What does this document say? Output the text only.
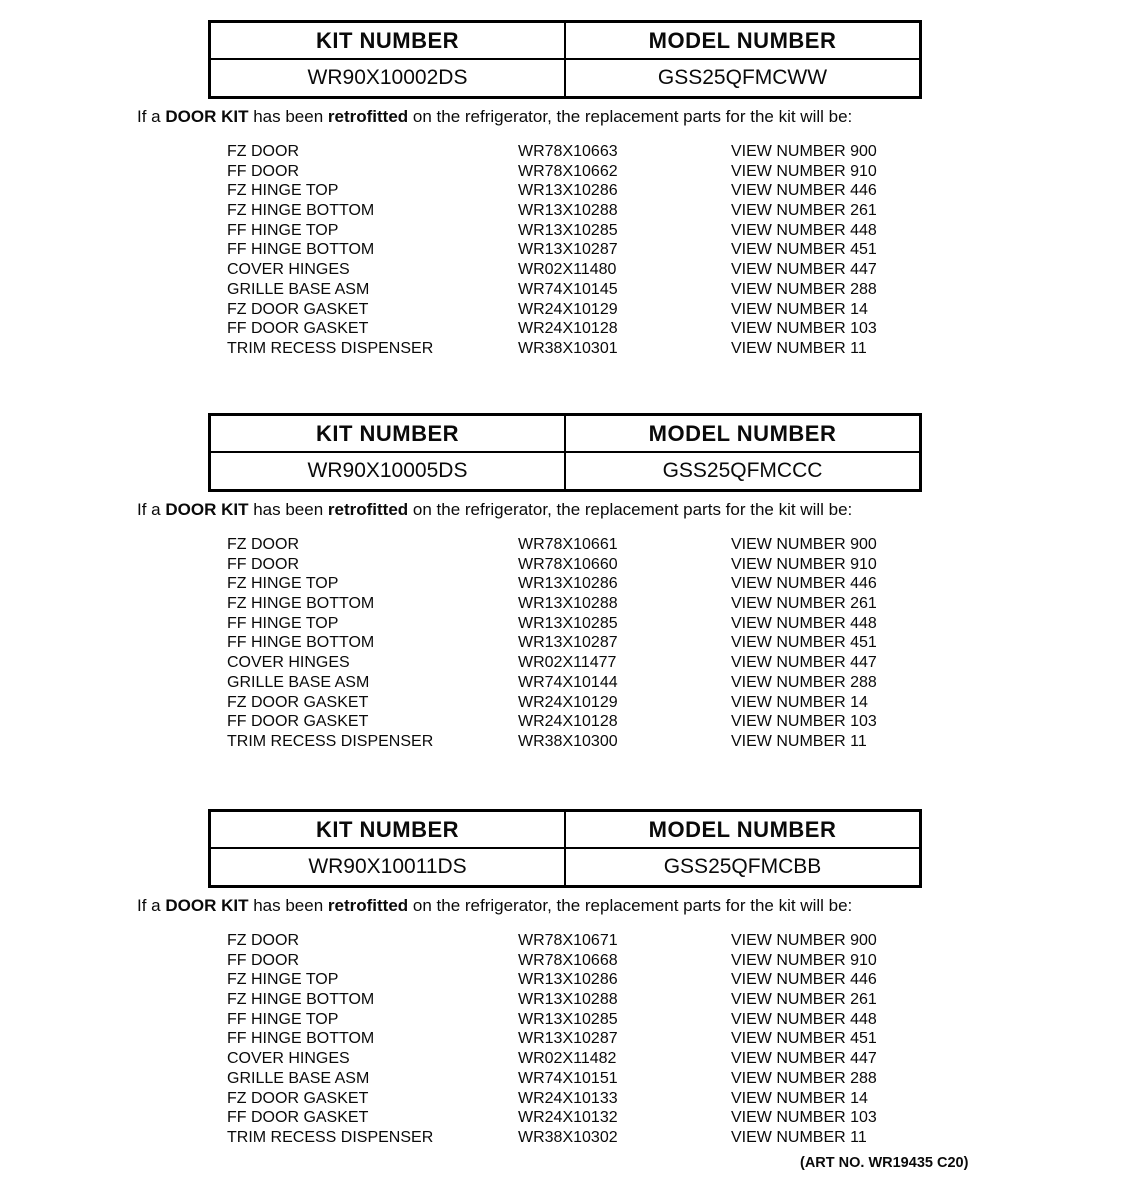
KIT NUMBER	MODEL NUMBER
WR90X10002DS	GSS25QFMCWW

If a DOOR KIT has been retrofitted on the refrigerator, the replacement parts for the kit will be:

FZ DOOR	WR78X10663	VIEW NUMBER 900
FF DOOR	WR78X10662	VIEW NUMBER 910
FZ HINGE TOP	WR13X10286	VIEW NUMBER 446
FZ HINGE BOTTOM	WR13X10288	VIEW NUMBER 261
FF HINGE TOP	WR13X10285	VIEW NUMBER 448
FF HINGE BOTTOM	WR13X10287	VIEW NUMBER 451
COVER HINGES	WR02X11480	VIEW NUMBER 447
GRILLE BASE ASM	WR74X10145	VIEW NUMBER 288
FZ DOOR GASKET	WR24X10129	VIEW NUMBER 14
FF DOOR GASKET	WR24X10128	VIEW NUMBER 103
TRIM RECESS DISPENSER	WR38X10301	VIEW NUMBER 11
KIT NUMBER	MODEL NUMBER
WR90X10005DS	GSS25QFMCCC

If a DOOR KIT has been retrofitted on the refrigerator, the replacement parts for the kit will be:

FZ DOOR	WR78X10661	VIEW NUMBER 900
FF DOOR	WR78X10660	VIEW NUMBER 910
FZ HINGE TOP	WR13X10286	VIEW NUMBER 446
FZ HINGE BOTTOM	WR13X10288	VIEW NUMBER 261
FF HINGE TOP	WR13X10285	VIEW NUMBER 448
FF HINGE BOTTOM	WR13X10287	VIEW NUMBER 451
COVER HINGES	WR02X11477	VIEW NUMBER 447
GRILLE BASE ASM	WR74X10144	VIEW NUMBER 288
FZ DOOR GASKET	WR24X10129	VIEW NUMBER 14
FF DOOR GASKET	WR24X10128	VIEW NUMBER 103
TRIM RECESS DISPENSER	WR38X10300	VIEW NUMBER 11
KIT NUMBER	MODEL NUMBER
WR90X10011DS	GSS25QFMCBB

If a DOOR KIT has been retrofitted on the refrigerator, the replacement parts for the kit will be:

FZ DOOR	WR78X10671	VIEW NUMBER 900
FF DOOR	WR78X10668	VIEW NUMBER 910
FZ HINGE TOP	WR13X10286	VIEW NUMBER 446
FZ HINGE BOTTOM	WR13X10288	VIEW NUMBER 261
FF HINGE TOP	WR13X10285	VIEW NUMBER 448
FF HINGE BOTTOM	WR13X10287	VIEW NUMBER 451
COVER HINGES	WR02X11482	VIEW NUMBER 447
GRILLE BASE ASM	WR74X10151	VIEW NUMBER 288
FZ DOOR GASKET	WR24X10133	VIEW NUMBER 14
FF DOOR GASKET	WR24X10132	VIEW NUMBER 103
TRIM RECESS DISPENSER	WR38X10302	VIEW NUMBER 11
(ART NO. WR19435 C20)
